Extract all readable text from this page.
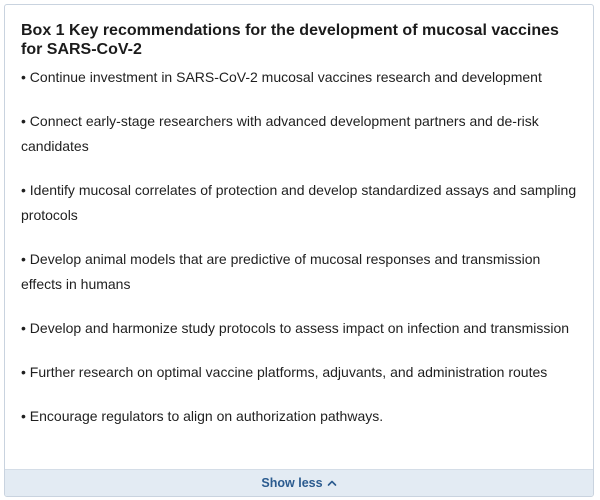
Box 1 Key recommendations for the development of mucosal vaccines for SARS-CoV-2
• Continue investment in SARS-CoV-2 mucosal vaccines research and development
• Connect early-stage researchers with advanced development partners and de-risk candidates
• Identify mucosal correlates of protection and develop standardized assays and sampling protocols
• Develop animal models that are predictive of mucosal responses and transmission effects in humans
• Develop and harmonize study protocols to assess impact on infection and transmission
• Further research on optimal vaccine platforms, adjuvants, and administration routes
• Encourage regulators to align on authorization pathways.
Show less
